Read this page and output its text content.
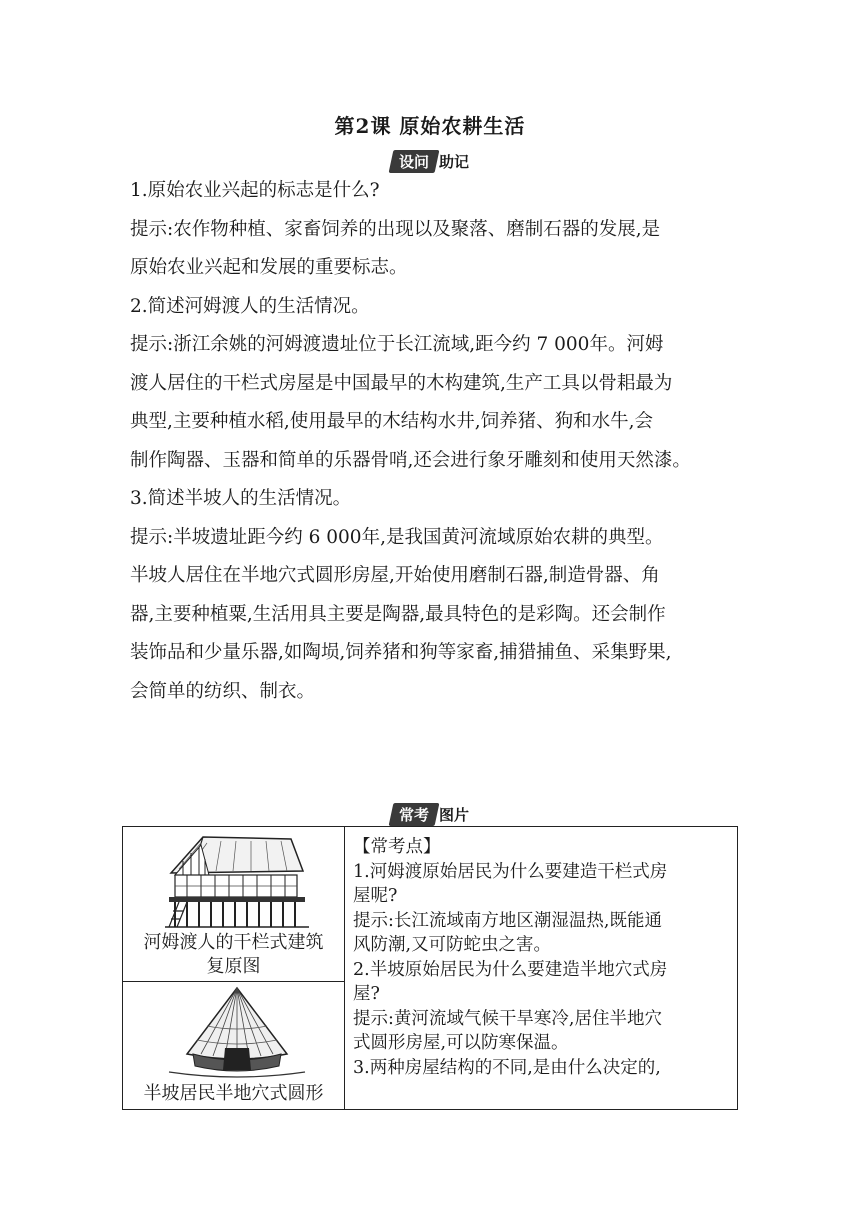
第2课 原始农耕生活
设问 助记

1.原始农业兴起的标志是什么?

提示:农作物种植、家畜饲养的出现以及聚落、磨制石器的发展,是

原始农业兴起和发展的重要标志。

2.简述河姆渡人的生活情况。

提示:浙江余姚的河姆渡遗址位于长江流域,距今约 7 000年。河姆

渡人居住的干栏式房屋是中国最早的木构建筑,生产工具以骨耜最为

典型,主要种植水稻,使用最早的木结构水井,饲养猪、狗和水牛,会

制作陶器、玉器和简单的乐器骨哨,还会进行象牙雕刻和使用天然漆。

3.简述半坡人的生活情况。

提示:半坡遗址距今约 6 000年,是我国黄河流域原始农耕的典型。

半坡人居住在半地穴式圆形房屋,开始使用磨制石器,制造骨器、角

器,主要种植粟,生活用具主要是陶器,最具特色的是彩陶。还会制作

装饰品和少量乐器,如陶埙,饲养猪和狗等家畜,捕猎捕鱼、采集野果,

会简单的纺织、制衣。

常考 图片
河姆渡人的干栏式建筑
复原图
半坡居民半地穴式圆形
【常考点】
1.河姆渡原始居民为什么要建造干栏式房
屋呢?
提示:长江流域南方地区潮湿温热,既能通
风防潮,又可防蛇虫之害。
2.半坡原始居民为什么要建造半地穴式房
屋?
提示:黄河流域气候干旱寒冷,居住半地穴
式圆形房屋,可以防寒保温。
3.两种房屋结构的不同,是由什么决定的,
